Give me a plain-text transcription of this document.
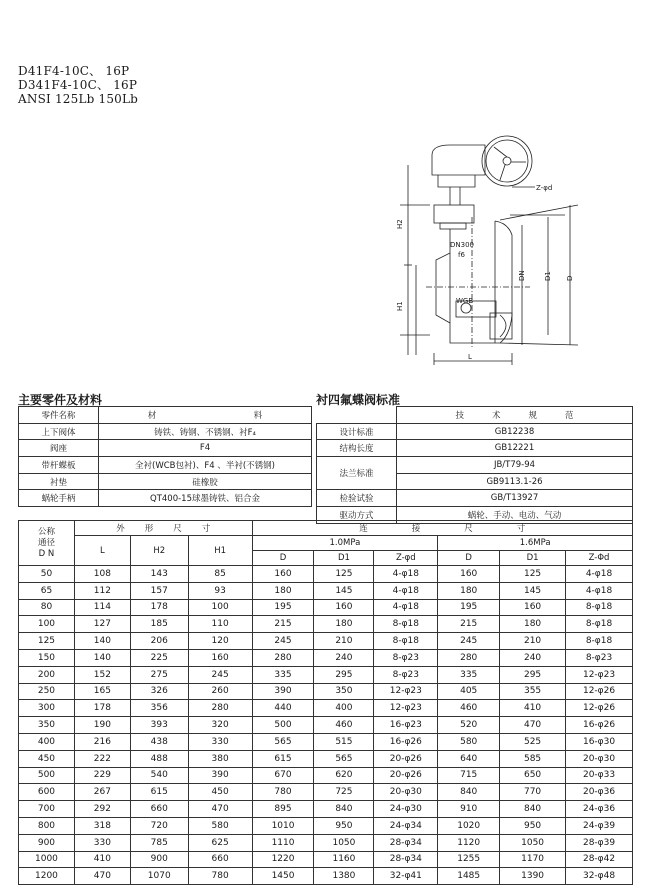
D41F4-10C、 16P
D341F4-10C、 16P
ANSI 125Lb 150Lb
Z-φd
H2
H1
DN300
f6
DN	D1 D
WGB
L
主要零件及材料	衬四氟蝶阀标准
零件名称	材	料
上下阀体	铸铁、铸钢、不锈钢、衬F₄	
阀座	F4	
带杆蝶板	全衬(WCB包衬)、F4 、半衬(不锈钢)	
衬垫	硅橡胶	
蜗轮手柄	QT400-15球墨铸铁、铝合金	
	技 术 规 范
设计标准	GB12238
结构长度	GB12221
法兰标准	JB/T79-94
	GB9113.1-26
检验试验	GB/T13927
驱动方式	蜗轮、手动、电动、气动
公称
通径
D N	外 形 尺 寸			连 接 尺 寸					
	L	H2	H1	1.0MPa			1.6MPa		
				D	D1	Z-φd	D	D1	Z-Φd
50	108	143	85	160	125	4-φ18	160	125	4-φ18
65	112	157	93	180	145	4-φ18	180	145	4-φ18
80	114	178	100	195	160	4-φ18	195	160	8-φ18
100	127	185	110	215	180	8-φ18	215	180	8-φ18
125	140	206	120	245	210	8-φ18	245	210	8-φ18
150	140	225	160	280	240	8-φ23	280	240	8-φ23
200	152	275	245	335	295	8-φ23	335	295	12-φ23
250	165	326	260	390	350	12-φ23	405	355	12-φ26
300	178	356	280	440	400	12-φ23	460	410	12-φ26
350	190	393	320	500	460	16-φ23	520	470	16-φ26
400	216	438	330	565	515	16-φ26	580	525	16-φ30
450	222	488	380	615	565	20-φ26	640	585	20-φ30
500	229	540	390	670	620	20-φ26	715	650	20-φ33
600	267	615	450	780	725	20-φ30	840	770	20-φ36
700	292	660	470	895	840	24-φ30	910	840	24-φ36
800	318	720	580	1010	950	24-φ34	1020	950	24-φ39
900	330	785	625	1110	1050	28-φ34	1120	1050	28-φ39
1000	410	900	660	1220	1160	28-φ34	1255	1170	28-φ42
1200	470	1070	780	1450	1380	32-φ41	1485	1390	32-φ48
